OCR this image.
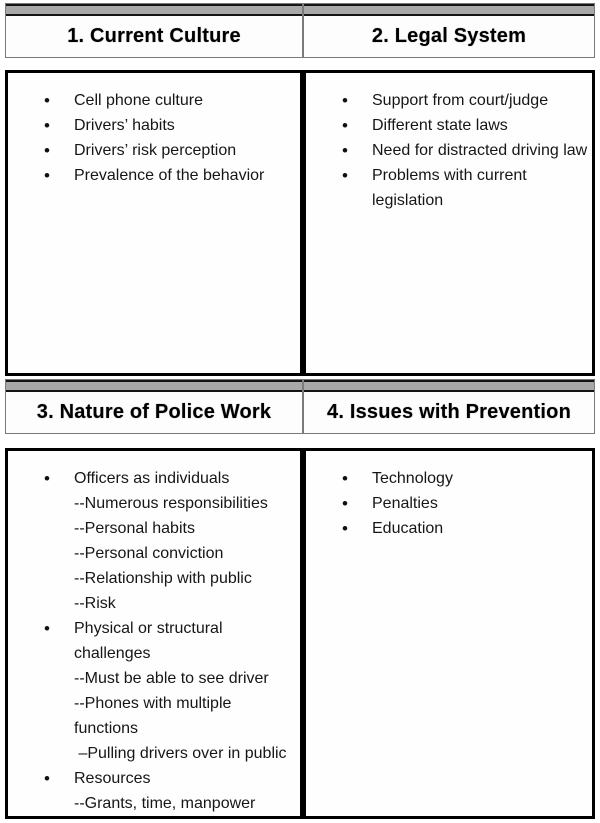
1. Current Culture	2. Legal System
•	Cell phone culture
•	Drivers’ habits
•	Drivers’ risk perception
•	Prevalence of the behavior
•	Support from court/judge
•	Different state laws
•	Need for distracted driving law
•	Problems with current legislation
3. Nature of Police Work	4. Issues with Prevention
•	Officers as individuals
--Numerous responsibilities
--Personal habits
--Personal conviction
--Relationship with public
--Risk
•	Physical or structural challenges
--Must be able to see driver
--Phones with multiple functions
–Pulling drivers over in public
•	Resources
--Grants, time, manpower
•	Technology
•	Penalties
•	Education
